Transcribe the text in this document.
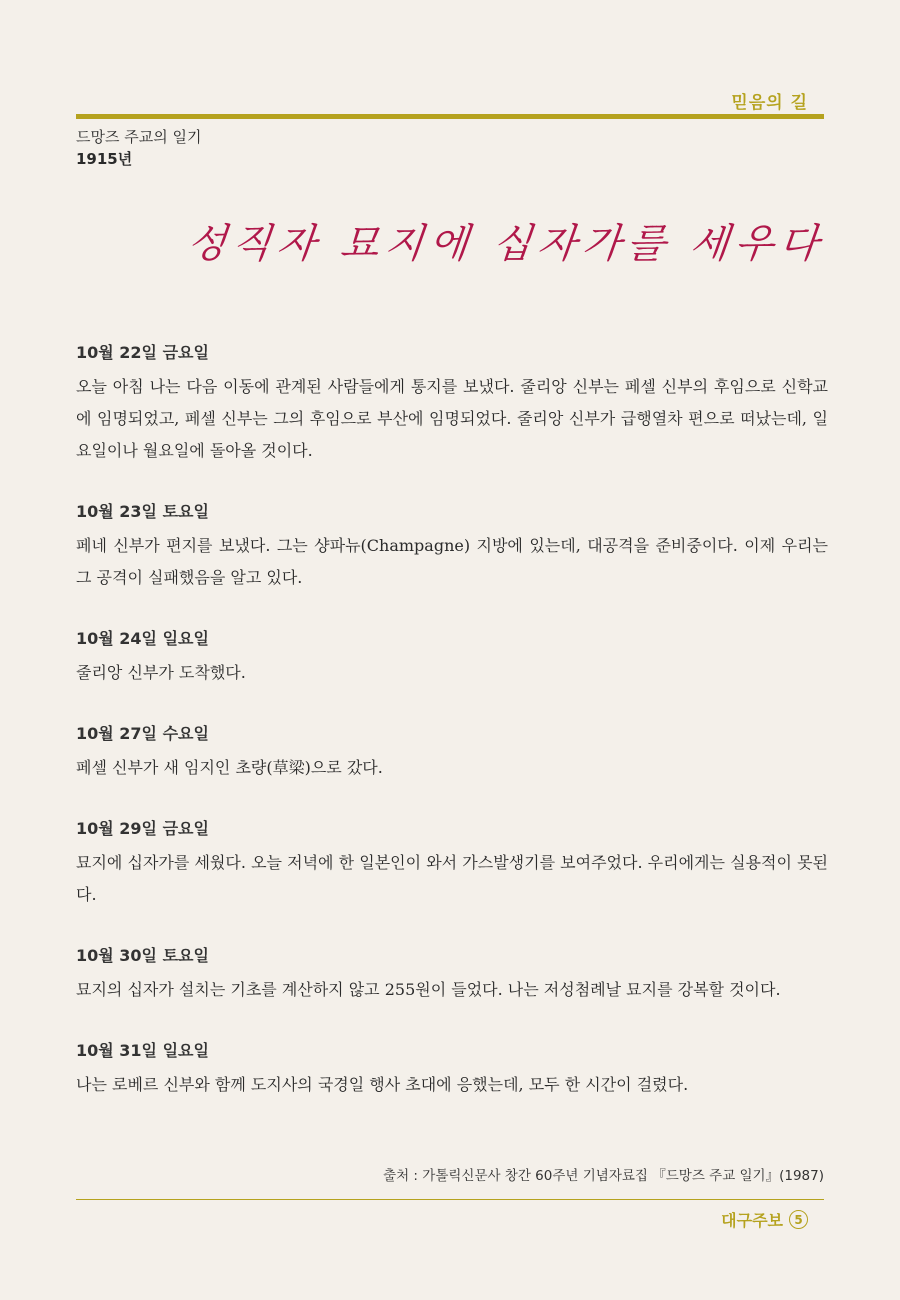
믿음의 길
드망즈 주교의 일기
1915년
성직자 묘지에 십자가를 세우다
10월 22일 금요일
오늘 아침 나는 다음 이동에 관계된 사람들에게 통지를 보냈다. 줄리앙 신부는 페셀 신부의 후임으로 신학교에 임명되었고, 페셀 신부는 그의 후임으로 부산에 임명되었다. 줄리앙 신부가 급행열차 편으로 떠났는데, 일요일이나 월요일에 돌아올 것이다.
10월 23일 토요일
페네 신부가 편지를 보냈다. 그는 샹파뉴(Champagne) 지방에 있는데, 대공격을 준비중이다. 이제 우리는 그 공격이 실패했음을 알고 있다.
10월 24일 일요일
줄리앙 신부가 도착했다.
10월 27일 수요일
페셀 신부가 새 임지인 초량(草梁)으로 갔다.
10월 29일 금요일
묘지에 십자가를 세웠다. 오늘 저녁에 한 일본인이 와서 가스발생기를 보여주었다. 우리에게는 실용적이 못된다.
10월 30일 토요일
묘지의 십자가 설치는 기초를 계산하지 않고 255원이 들었다. 나는 저성첨례날 묘지를 강복할 것이다.
10월 31일 일요일
나는 로베르 신부와 함께 도지사의 국경일 행사 초대에 응했는데, 모두 한 시간이 걸렸다.
출처 : 가톨릭신문사 창간 60주년 기념자료집 『드망즈 주교 일기』(1987)
대구주보 5
